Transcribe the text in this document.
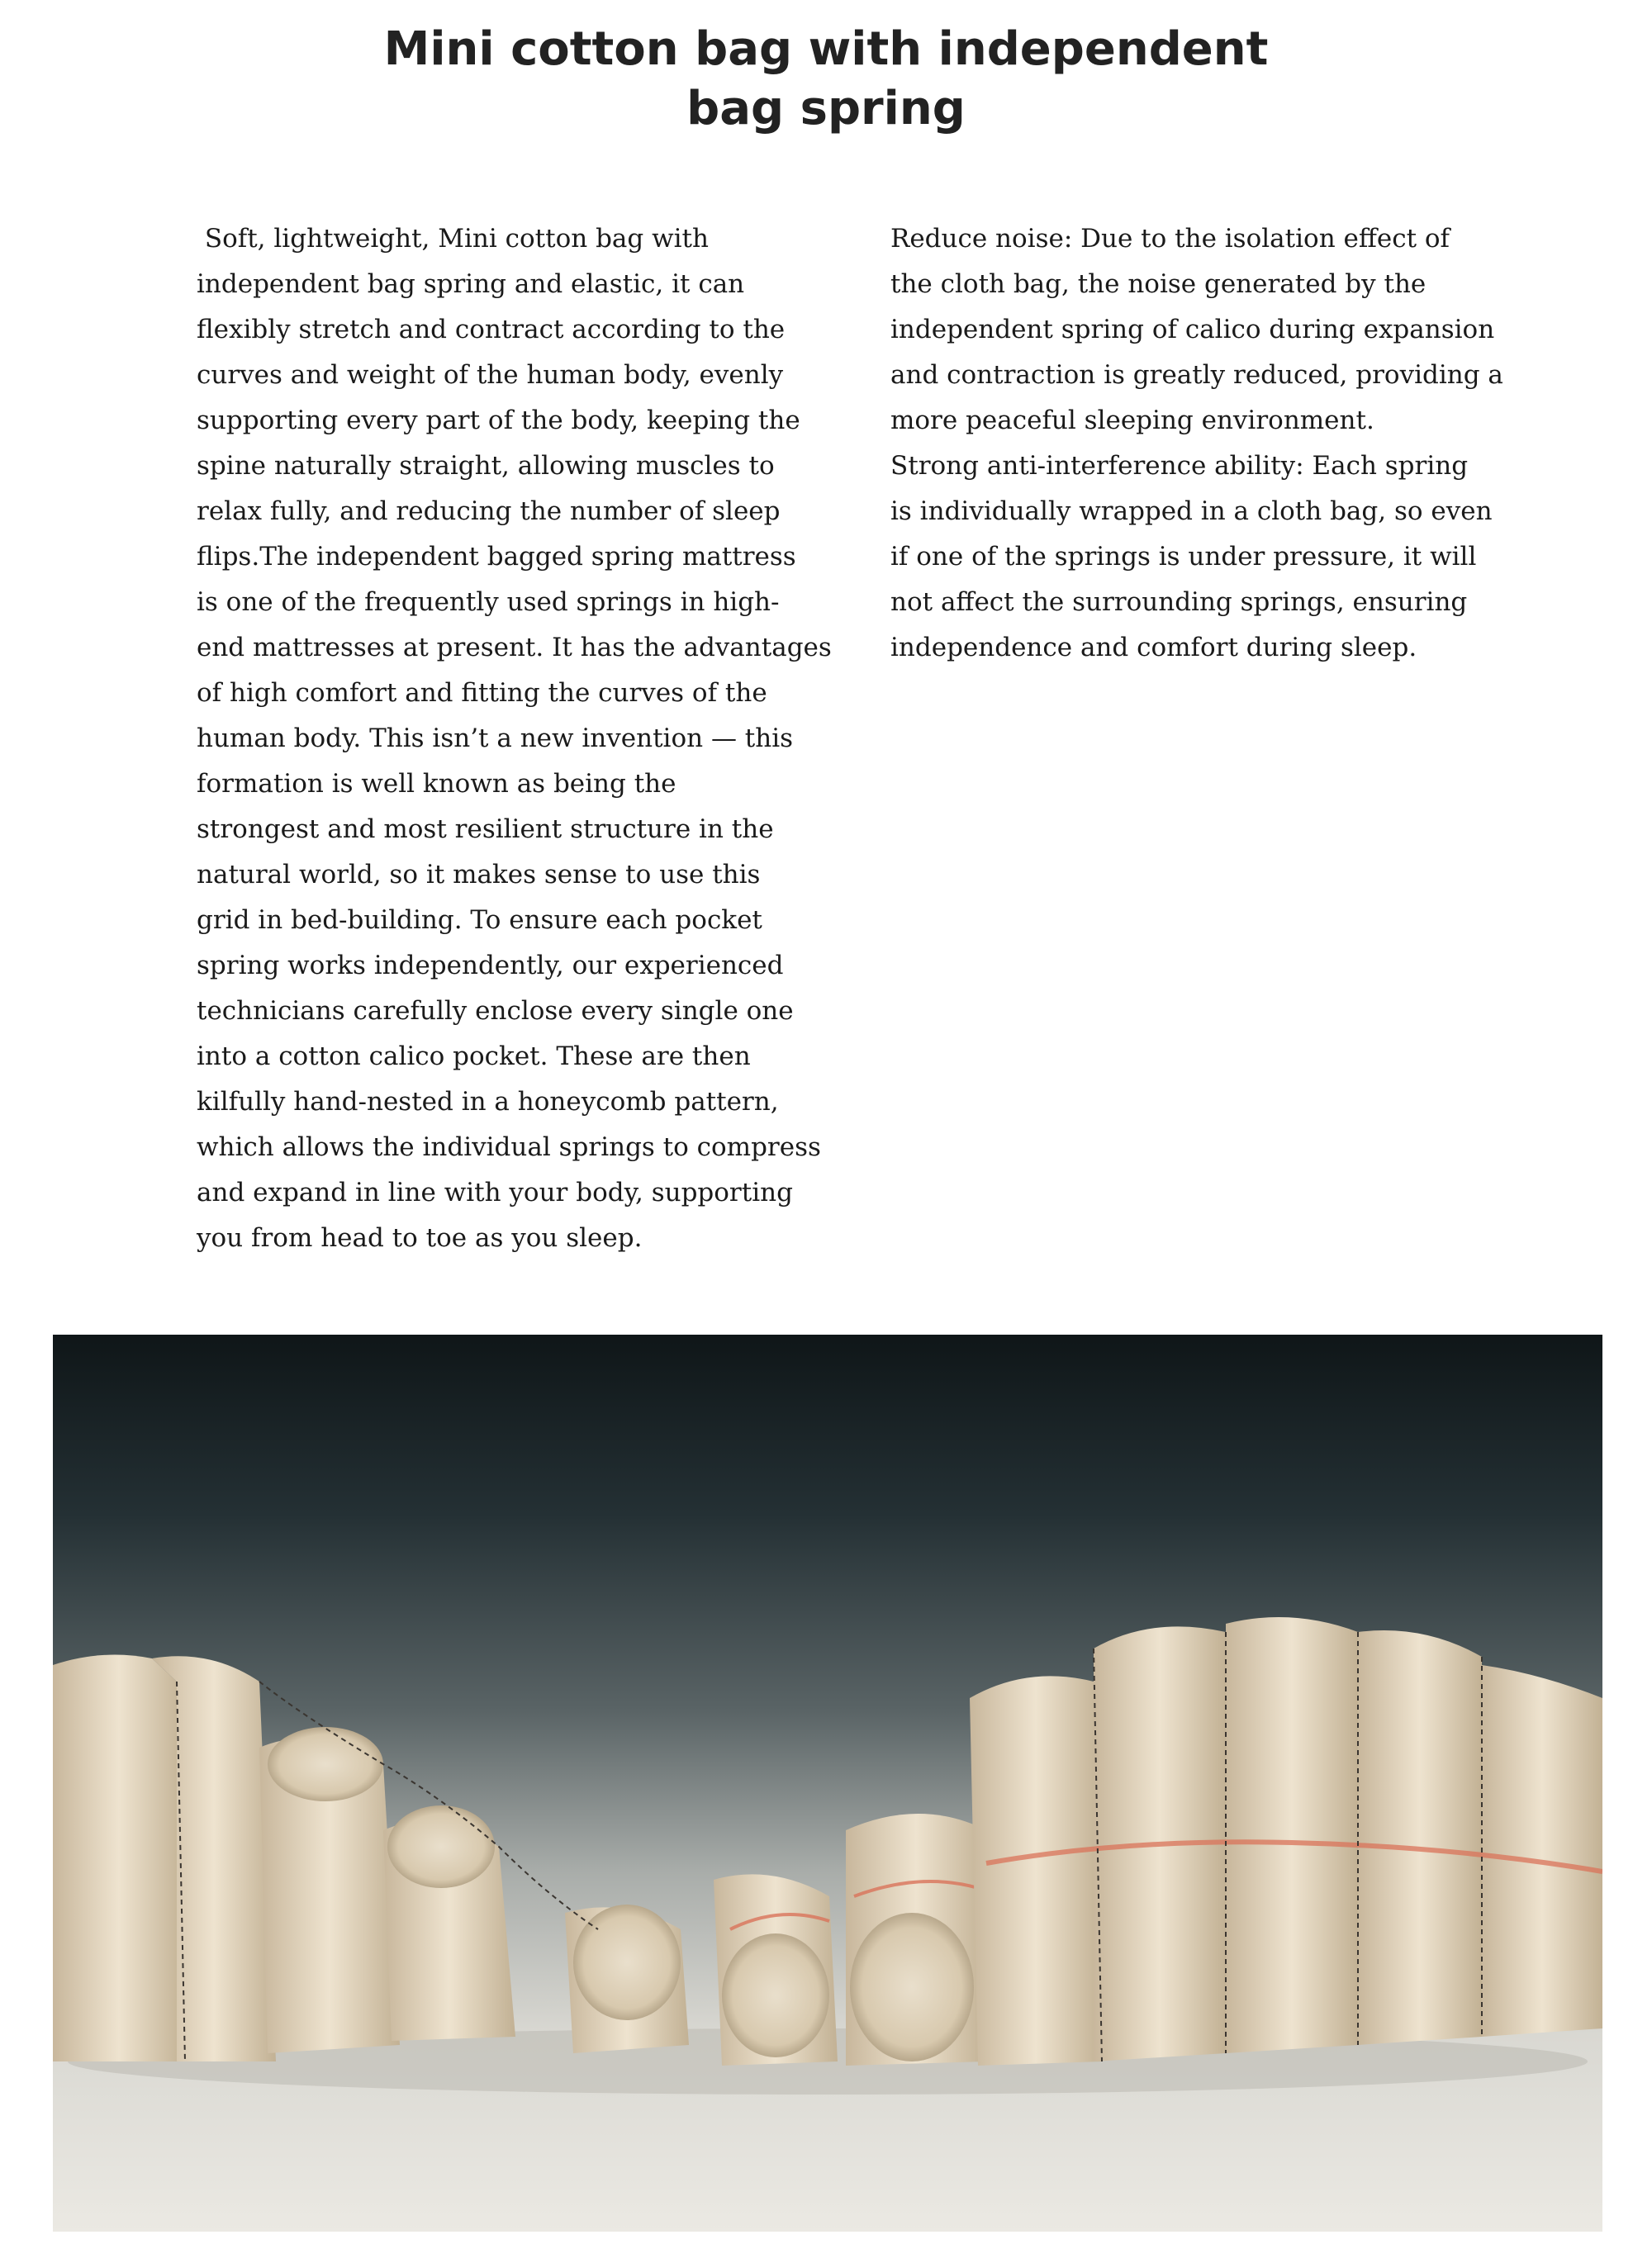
Mini cotton bag with independent
bag spring
Soft, lightweight, Mini cotton bag with
independent bag spring and elastic, it can
flexibly stretch and contract according to the
curves and weight of the human body, evenly
supporting every part of the body, keeping the
spine naturally straight, allowing muscles to
relax fully, and reducing the number of sleep
flips.The independent bagged spring mattress
is one of the frequently used springs in high-
end mattresses at present. It has the advantages
of high comfort and fitting the curves of the
human body. This isn’t a new invention — this
formation is well known as being the
strongest and most resilient structure in the
natural world, so it makes sense to use this
grid in bed-building. To ensure each pocket
spring works independently, our experienced
technicians carefully enclose every single one
into a cotton calico pocket. These are then
kilfully hand-nested in a honeycomb pattern,
which allows the individual springs to compress
and expand in line with your body, supporting
you from head to toe as you sleep.
Reduce noise: Due to the isolation effect of
the cloth bag, the noise generated by the
independent spring of calico during expansion
and contraction is greatly reduced, providing a
more peaceful sleeping environment.
Strong anti-interference ability: Each spring
is individually wrapped in a cloth bag, so even
if one of the springs is under pressure, it will
not affect the surrounding springs, ensuring
independence and comfort during sleep.
